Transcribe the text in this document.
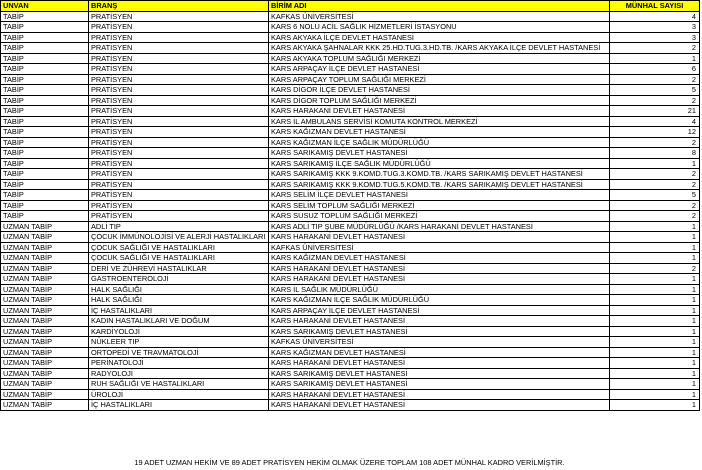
UNVAN	BRANŞ	BİRİM ADI	MÜNHAL SAYISI
TABİP	PRATİSYEN	KAFKAS ÜNİVERSİTESİ	4
TABİP	PRATİSYEN	KARS 6 NOLU ACİL SAĞLIK HİZMETLERİ İSTASYONU	3
TABİP	PRATİSYEN	KARS AKYAKA İLÇE DEVLET HASTANESİ	3
TABİP	PRATİSYEN	KARS AKYAKA ŞAHNALAR KKK 25.HD.TUG.3.HD.TB. /KARS AKYAKA İLÇE DEVLET HASTANESİ	2
TABİP	PRATİSYEN	KARS AKYAKA TOPLUM SAĞLIĞI MERKEZİ	1
TABİP	PRATİSYEN	KARS ARPAÇAY İLÇE DEVLET HASTANESİ	6
TABİP	PRATİSYEN	KARS ARPAÇAY TOPLUM SAĞLIĞI MERKEZİ	2
TABİP	PRATİSYEN	KARS DİGOR İLÇE DEVLET HASTANESİ	5
TABİP	PRATİSYEN	KARS DİGOR TOPLUM SAĞLIĞI MERKEZİ	2
TABİP	PRATİSYEN	KARS HARAKANİ DEVLET HASTANESİ	21
TABİP	PRATİSYEN	KARS İL AMBULANS SERVİSİ KOMUTA KONTROL MERKEZİ	4
TABİP	PRATİSYEN	KARS KAĞIZMAN DEVLET HASTANESİ	12
TABİP	PRATİSYEN	KARS KAĞIZMAN İLÇE SAĞLIK MÜDÜRLÜĞÜ	2
TABİP	PRATİSYEN	KARS SARIKAMIŞ DEVLET HASTANESİ	8
TABİP	PRATİSYEN	KARS SARIKAMIŞ İLÇE SAĞLIK MÜDÜRLÜĞÜ	1
TABİP	PRATİSYEN	KARS SARIKAMIŞ KKK 9.KOMD.TUG.3.KOMD.TB. /KARS SARIKAMIŞ DEVLET HASTANESİ	2
TABİP	PRATİSYEN	KARS SARIKAMIŞ KKK 9.KOMD.TUG.5.KOMD.TB. /KARS SARIKAMIŞ DEVLET HASTANESİ	2
TABİP	PRATİSYEN	KARS SELİM İLÇE DEVLET HASTANESİ	5
TABİP	PRATİSYEN	KARS SELİM TOPLUM SAĞLIĞI MERKEZİ	2
TABİP	PRATİSYEN	KARS SUSUZ TOPLUM SAĞLIĞI MERKEZİ	2
UZMAN TABİP	ADLİ TIP	KARS ADLİ TIP ŞUBE MÜDÜRLÜĞÜ /KARS HARAKANİ DEVLET HASTANESİ	1
UZMAN TABİP	ÇOCUK İMMÜNOLOJİSİ VE ALERJİ HASTALIKLARI	KARS HARAKANİ DEVLET HASTANESİ	1
UZMAN TABİP	ÇOCUK SAĞLIĞI VE HASTALIKLARI	KAFKAS ÜNİVERSİTESİ	1
UZMAN TABİP	ÇOCUK SAĞLIĞI VE HASTALIKLARI	KARS KAĞIZMAN DEVLET HASTANESİ	1
UZMAN TABİP	DERİ VE ZÜHREVİ HASTALIKLAR	KARS HARAKANİ DEVLET HASTANESİ	2
UZMAN TABİP	GASTROENTEROLOJİ	KARS HARAKANİ DEVLET HASTANESİ	1
UZMAN TABİP	HALK SAĞLIĞI	KARS İL SAĞLIK MÜDÜRLÜĞÜ	1
UZMAN TABİP	HALK SAĞLIĞI	KARS KAĞIZMAN İLÇE SAĞLIK MÜDÜRLÜĞÜ	1
UZMAN TABİP	İÇ HASTALIKLARI	KARS ARPAÇAY İLÇE DEVLET HASTANESİ	1
UZMAN TABİP	KADIN HASTALIKLARI VE DOĞUM	KARS HARAKANİ DEVLET HASTANESİ	1
UZMAN TABİP	KARDİYOLOJİ	KARS SARIKAMIŞ DEVLET HASTANESİ	1
UZMAN TABİP	NÜKLEER TIP	KAFKAS ÜNİVERSİTESİ	1
UZMAN TABİP	ORTOPEDİ VE TRAVMATOLOJİ	KARS KAĞIZMAN DEVLET HASTANESİ	1
UZMAN TABİP	PERİNATOLOJİ	KARS HARAKANİ DEVLET HASTANESİ	1
UZMAN TABİP	RADYOLOJİ	KARS SARIKAMIŞ DEVLET HASTANESİ	1
UZMAN TABİP	RUH SAĞLIĞI VE HASTALIKLARI	KARS SARIKAMIŞ DEVLET HASTANESİ	1
UZMAN TABİP	ÜROLOJİ	KARS HARAKANİ DEVLET HASTANESİ	1
UZMAN TABİP	İÇ HASTALIKLARI	KARS HARAKANİ DEVLET HASTANESİ	1
19 ADET UZMAN HEKİM VE 89 ADET PRATİSYEN HEKİM OLMAK ÜZERE TOPLAM 108 ADET MÜNHAL KADRO VERİLMİŞTİR.
